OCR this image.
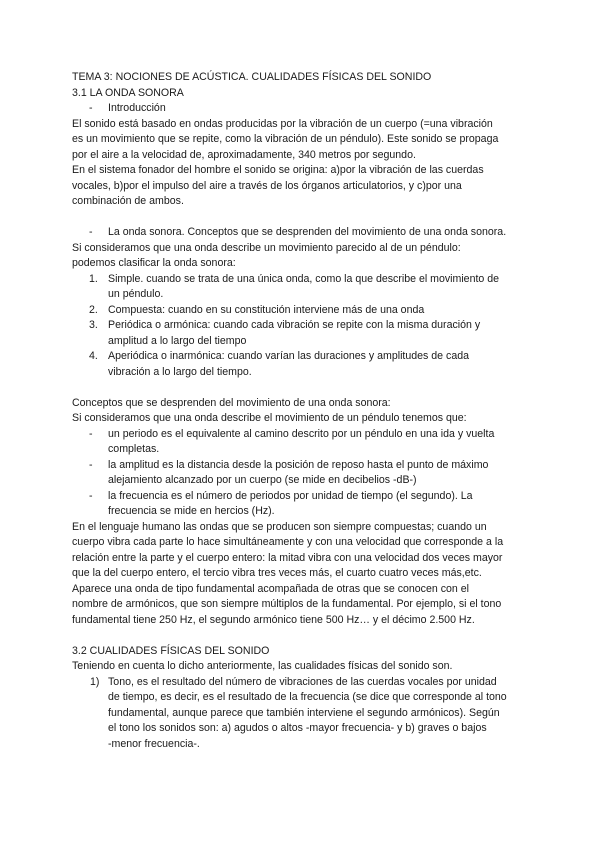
TEMA 3: NOCIONES DE ACÚSTICA. CUALIDADES FÍSICAS DEL SONIDO
3.1 LA ONDA SONORA
- Introducción
El sonido está basado en ondas producidas por la vibración de un cuerpo (=una vibración
es un movimiento que se repite, como la vibración de un péndulo). Este sonido se propaga
por el aire a la velocidad de, aproximadamente, 340 metros por segundo.
En el sistema fonador del hombre el sonido se origina: a)por la vibración de las cuerdas
vocales, b)por el impulso del aire a través de los órganos articulatorios, y c)por una
combinación de ambos.
- La onda sonora. Conceptos que se desprenden del movimiento de una onda sonora.
Si consideramos que una onda describe un movimiento parecido al de un péndulo:
podemos clasificar la onda sonora:
1. Simple. cuando se trata de una única onda, como la que describe el movimiento de
un péndulo.
2. Compuesta: cuando en su constitución interviene más de una onda
3. Periódica o armónica: cuando cada vibración se repite con la misma duración y
amplitud a lo largo del tiempo
4. Aperiódica o inarmónica: cuando varían las duraciones y amplitudes de cada
vibración a lo largo del tiempo.
Conceptos que se desprenden del movimiento de una onda sonora:
Si consideramos que una onda describe el movimiento de un péndulo tenemos que:
- un periodo es el equivalente al camino descrito por un péndulo en una ida y vuelta
completas.
- la amplitud es la distancia desde la posición de reposo hasta el punto de máximo
alejamiento alcanzado por un cuerpo (se mide en decibelios -dB-)
- la frecuencia es el número de periodos por unidad de tiempo (el segundo). La
frecuencia se mide en hercios (Hz).
En el lenguaje humano las ondas que se producen son siempre compuestas; cuando un
cuerpo vibra cada parte lo hace simultáneamente y con una velocidad que corresponde a la
relación entre la parte y el cuerpo entero: la mitad vibra con una velocidad dos veces mayor
que la del cuerpo entero, el tercio vibra tres veces más, el cuarto cuatro veces más,etc.
Aparece una onda de tipo fundamental acompañada de otras que se conocen con el
nombre de armónicos, que son siempre múltiplos de la fundamental. Por ejemplo, si el tono
fundamental tiene 250 Hz, el segundo armónico tiene 500 Hz… y el décimo 2.500 Hz.
3.2 CUALIDADES FÍSICAS DEL SONIDO
Teniendo en cuenta lo dicho anteriormente, las cualidades físicas del sonido son.
1) Tono, es el resultado del número de vibraciones de las cuerdas vocales por unidad
de tiempo, es decir, es el resultado de la frecuencia (se dice que corresponde al tono
fundamental, aunque parece que también interviene el segundo armónicos). Según
el tono los sonidos son: a) agudos o altos -mayor frecuencia- y b) graves o bajos
-menor frecuencia-.
